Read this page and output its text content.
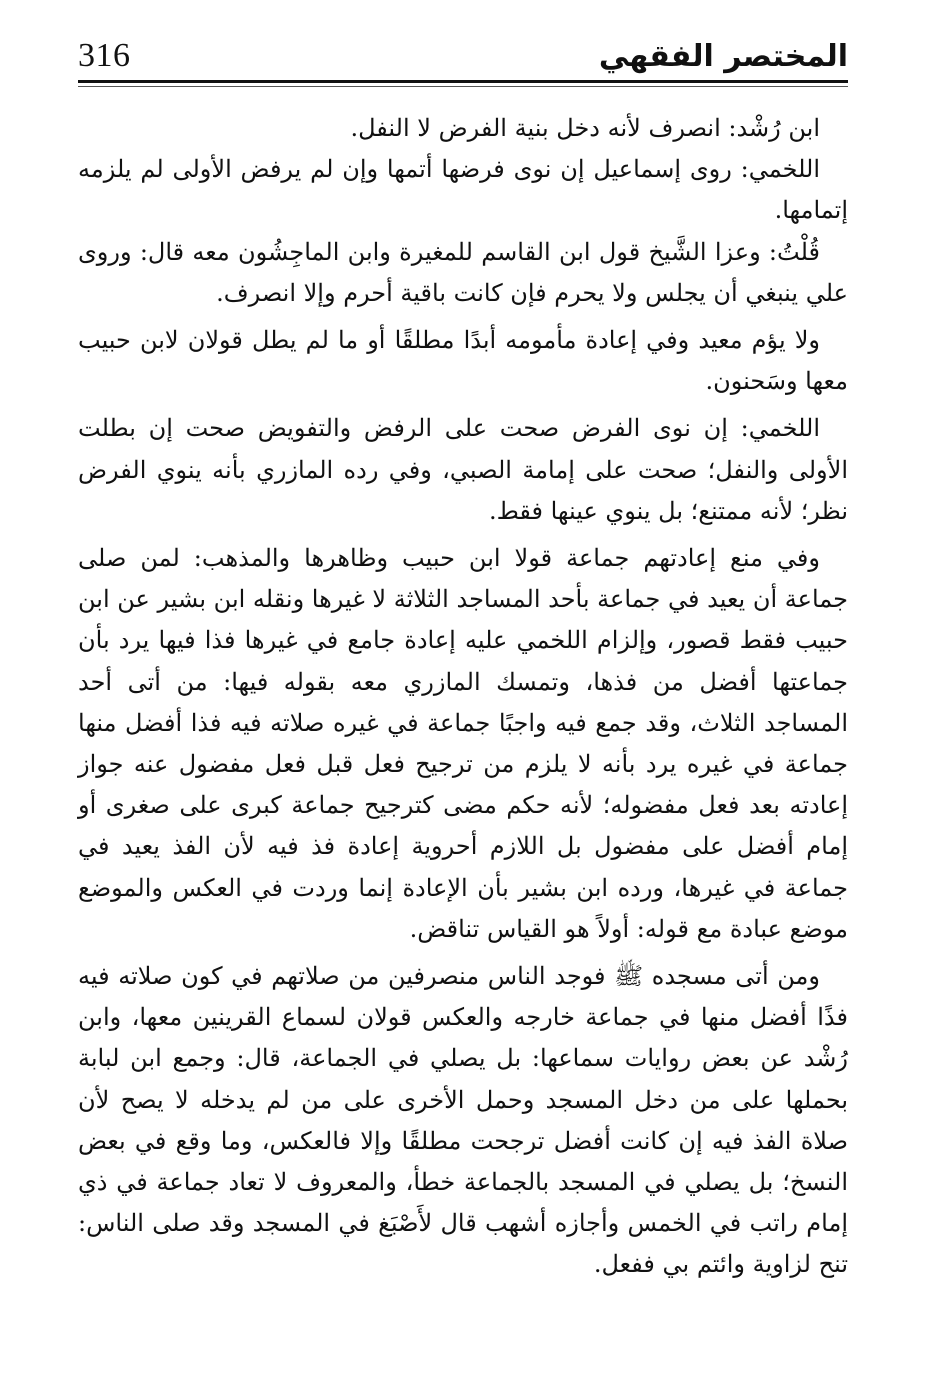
316	المختصر الفقهي

ابن رُشْد: انصرف لأنه دخل بنية الفرض لا النفل.

اللخمي: روى إسماعيل إن نوى فرضها أتمها وإن لم يرفض الأولى لم يلزمه إتمامها.

قُلْتُ: وعزا الشَّيخ قول ابن القاسم للمغيرة وابن الماجِشُون معه قال: وروى علي ينبغي أن يجلس ولا يحرم فإن كانت باقية أحرم وإلا انصرف.

ولا يؤم معيد وفي إعادة مأمومه أبدًا مطلقًا أو ما لم يطل قولان لابن حبيب معها وسَحنون.

اللخمي: إن نوى الفرض صحت على الرفض والتفويض صحت إن بطلت الأولى والنفل؛ صحت على إمامة الصبي، وفي رده المازري بأنه ينوي الفرض نظر؛ لأنه ممتنع؛ بل ينوي عينها فقط.

وفي منع إعادتهم جماعة قولا ابن حبيب وظاهرها والمذهب: لمن صلى جماعة أن يعيد في جماعة بأحد المساجد الثلاثة لا غيرها ونقله ابن بشير عن ابن حبيب فقط قصور، وإلزام اللخمي عليه إعادة جامع في غيرها فذا فيها يرد بأن جماعتها أفضل من فذها، وتمسك المازري معه بقوله فيها: من أتى أحد المساجد الثلاث، وقد جمع فيه واجبًا جماعة في غيره صلاته فيه فذا أفضل منها جماعة في غيره يرد بأنه لا يلزم من ترجيح فعل قبل فعل مفضول عنه جواز إعادته بعد فعل مفضوله؛ لأنه حكم مضى كترجيح جماعة كبرى على صغرى أو إمام أفضل على مفضول بل اللازم أحروية إعادة فذ فيه لأن الفذ يعيد في جماعة في غيرها، ورده ابن بشير بأن الإعادة إنما وردت في العكس والموضع موضع عبادة مع قوله: أولاً هو القياس تناقض.

ومن أتى مسجده ﷺ فوجد الناس منصرفين من صلاتهم في كون صلاته فيه فذًا أفضل منها في جماعة خارجه والعكس قولان لسماع القرينين معها، وابن رُشْد عن بعض روايات سماعها: بل يصلي في الجماعة، قال: وجمع ابن لبابة بحملها على من دخل المسجد وحمل الأخرى على من لم يدخله لا يصح لأن صلاة الفذ فيه إن كانت أفضل ترجحت مطلقًا وإلا فالعكس، وما وقع في بعض النسخ؛ بل يصلي في المسجد بالجماعة خطأ، والمعروف لا تعاد جماعة في ذي إمام راتب في الخمس وأجازه أشهب قال لأَصْبَغ في المسجد وقد صلى الناس: تنح لزاوية وائتم بي ففعل.
